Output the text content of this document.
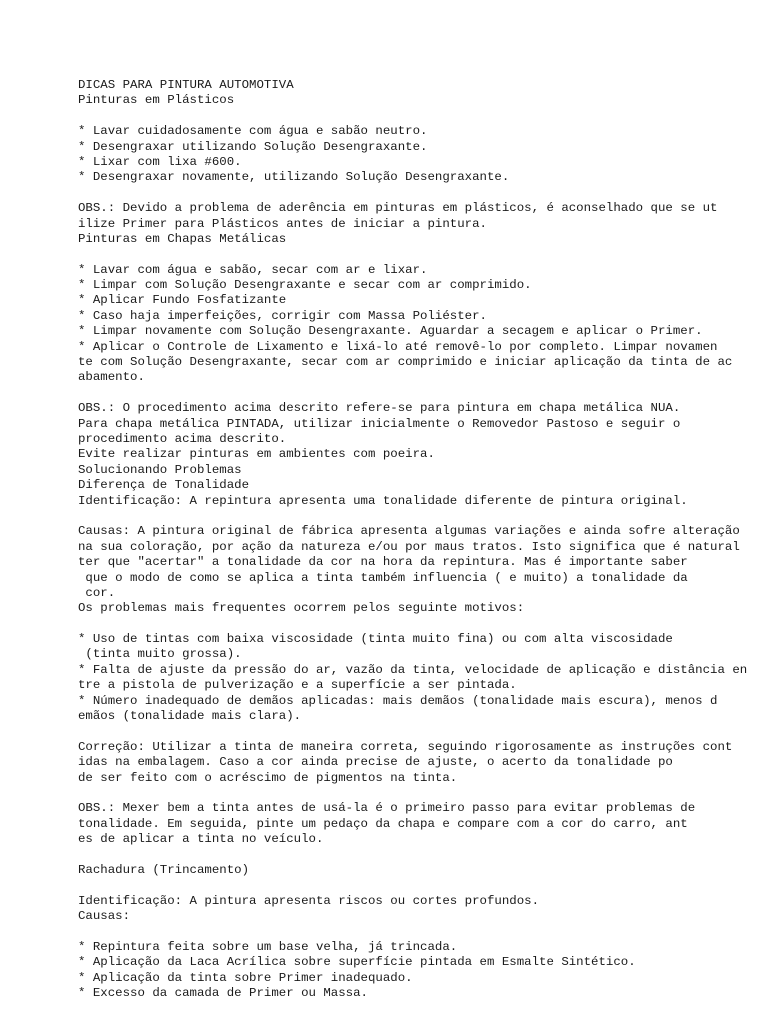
DICAS PARA PINTURA AUTOMOTIVA
Pinturas em Plásticos
* Lavar cuidadosamente com água e sabão neutro.
* Desengraxar utilizando Solução Desengraxante.
* Lixar com lixa #600.
* Desengraxar novamente, utilizando Solução Desengraxante.
OBS.: Devido a problema de aderência em pinturas em plásticos, é aconselhado que se ut
ilize Primer para Plásticos antes de iniciar a pintura.
Pinturas em Chapas Metálicas
* Lavar com água e sabão, secar com ar e lixar.
* Limpar com Solução Desengraxante e secar com ar comprimido.
* Aplicar Fundo Fosfatizante
* Caso haja imperfeições, corrigir com Massa Poliéster.
* Limpar novamente com Solução Desengraxante. Aguardar a secagem e aplicar o Primer.
* Aplicar o Controle de Lixamento e lixá-lo até removê-lo por completo. Limpar novamen
te com Solução Desengraxante, secar com ar comprimido e iniciar aplicação da tinta de ac
abamento.
OBS.: O procedimento acima descrito refere-se para pintura em chapa metálica NUA.
Para chapa metálica PINTADA, utilizar inicialmente o Removedor Pastoso e seguir o
procedimento acima descrito.
Evite realizar pinturas em ambientes com poeira.
Solucionando Problemas
Diferença de Tonalidade
Identificação: A repintura apresenta uma tonalidade diferente de pintura original.
Causas: A pintura original de fábrica apresenta algumas variações e ainda sofre alteração
na sua coloração, por ação da natureza e/ou por maus tratos. Isto significa que é natural
ter que "acertar" a tonalidade da cor na hora da repintura. Mas é importante saber
que o modo de como se aplica a tinta também influencia ( e muito) a tonalidade da
cor.
Os problemas mais frequentes ocorrem pelos seguinte motivos:
* Uso de tintas com baixa viscosidade (tinta muito fina) ou com alta viscosidade
(tinta muito grossa).
* Falta de ajuste da pressão do ar, vazão da tinta, velocidade de aplicação e distância en
tre a pistola de pulverização e a superfície a ser pintada.
* Número inadequado de demãos aplicadas: mais demãos (tonalidade mais escura), menos d
emãos (tonalidade mais clara).
Correção: Utilizar a tinta de maneira correta, seguindo rigorosamente as instruções cont
idas na embalagem. Caso a cor ainda precise de ajuste, o acerto da tonalidade po
de ser feito com o acréscimo de pigmentos na tinta.
OBS.: Mexer bem a tinta antes de usá-la é o primeiro passo para evitar problemas de
tonalidade. Em seguida, pinte um pedaço da chapa e compare com a cor do carro, ant
es de aplicar a tinta no veículo.
Rachadura (Trincamento)
Identificação: A pintura apresenta riscos ou cortes profundos.
Causas:
* Repintura feita sobre um base velha, já trincada.
* Aplicação da Laca Acrílica sobre superfície pintada em Esmalte Sintético.
* Aplicação da tinta sobre Primer inadequado.
* Excesso da camada de Primer ou Massa.
